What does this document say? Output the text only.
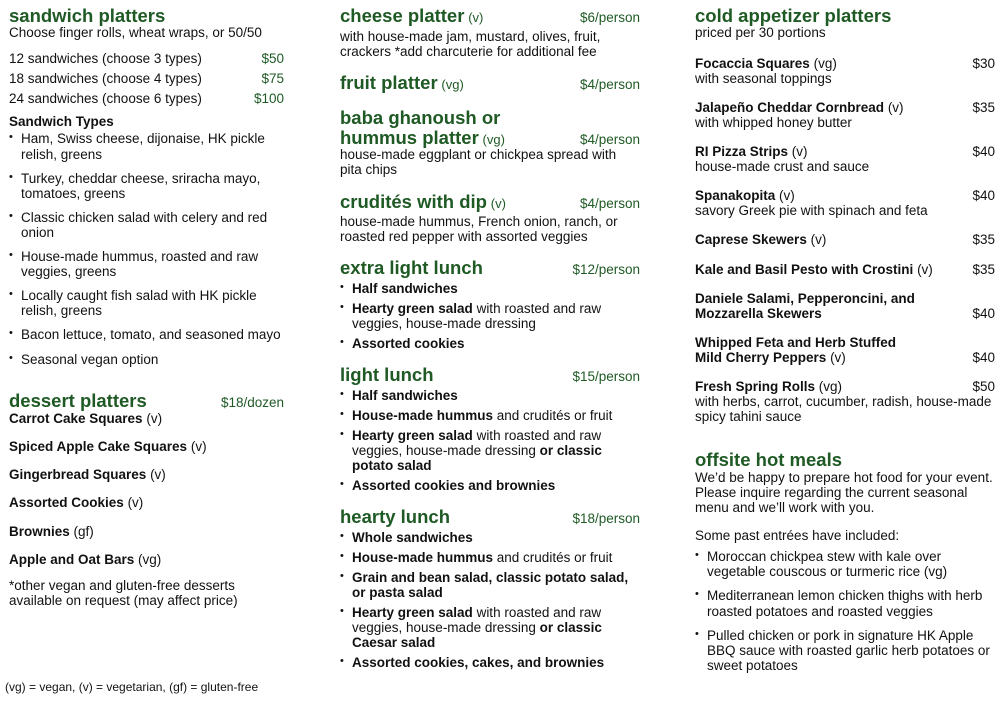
sandwich platters
Choose finger rolls, wheat wraps, or 50/50
12 sandwiches (choose 3 types)	$50
18 sandwiches (choose 4 types)	$75
24 sandwiches (choose 6 types)	$100
Sandwich Types
• Ham, Swiss cheese, dijonaise, HK pickle relish, greens
• Turkey, cheddar cheese, sriracha mayo, tomatoes, greens
• Classic chicken salad with celery and red onion
• House-made hummus, roasted and raw veggies, greens
• Locally caught fish salad with HK pickle relish, greens
• Bacon lettuce, tomato, and seasoned mayo
• Seasonal vegan option
dessert platters	$18/dozen
Carrot Cake Squares (v)
Spiced Apple Cake Squares (v)
Gingerbread Squares (v)
Assorted Cookies (v)
Brownies (gf)
Apple and Oat Bars (vg)
*other vegan and gluten-free desserts available on request (may affect price)
(vg) = vegan, (v) = vegetarian, (gf) = gluten-free
cheese platter (v)	$6/person
with house-made jam, mustard, olives, fruit, crackers *add charcuterie for additional fee
fruit platter (vg)	$4/person
baba ghanoush or
hummus platter (vg)	$4/person
house-made eggplant or chickpea spread with pita chips
crudités with dip (v)	$4/person
house-made hummus, French onion, ranch, or roasted red pepper with assorted veggies
extra light lunch	$12/person
• Half sandwiches
• Hearty green salad with roasted and raw veggies, house-made dressing
• Assorted cookies
light lunch	$15/person
• Half sandwiches
• House-made hummus and crudités or fruit
• Hearty green salad with roasted and raw veggies, house-made dressing or classic potato salad
• Assorted cookies and brownies
hearty lunch	$18/person
• Whole sandwiches
• House-made hummus and crudités or fruit
• Grain and bean salad, classic potato salad, or pasta salad
• Hearty green salad with roasted and raw veggies, house-made dressing or classic Caesar salad
• Assorted cookies, cakes, and brownies
cold appetizer platters
priced per 30 portions
Focaccia Squares (vg)	$30
with seasonal toppings
Jalapeño Cheddar Cornbread (v)	$35
with whipped honey butter
RI Pizza Strips (v)	$40
house-made crust and sauce
Spanakopita (v)	$40
savory Greek pie with spinach and feta
Caprese Skewers (v)	$35
Kale and Basil Pesto with Crostini (v)	$35
Daniele Salami, Pepperoncini, and
Mozzarella Skewers	$40
Whipped Feta and Herb Stuffed
Mild Cherry Peppers (v)	$40
Fresh Spring Rolls (vg)	$50
with herbs, carrot, cucumber, radish, house-made spicy tahini sauce
offsite hot meals
We’d be happy to prepare hot food for your event. Please inquire regarding the current seasonal menu and we’ll work with you.
Some past entrées have included:
• Moroccan chickpea stew with kale over vegetable couscous or turmeric rice (vg)
• Mediterranean lemon chicken thighs with herb roasted potatoes and roasted veggies
• Pulled chicken or pork in signature HK Apple BBQ sauce with roasted garlic herb potatoes or sweet potatoes
